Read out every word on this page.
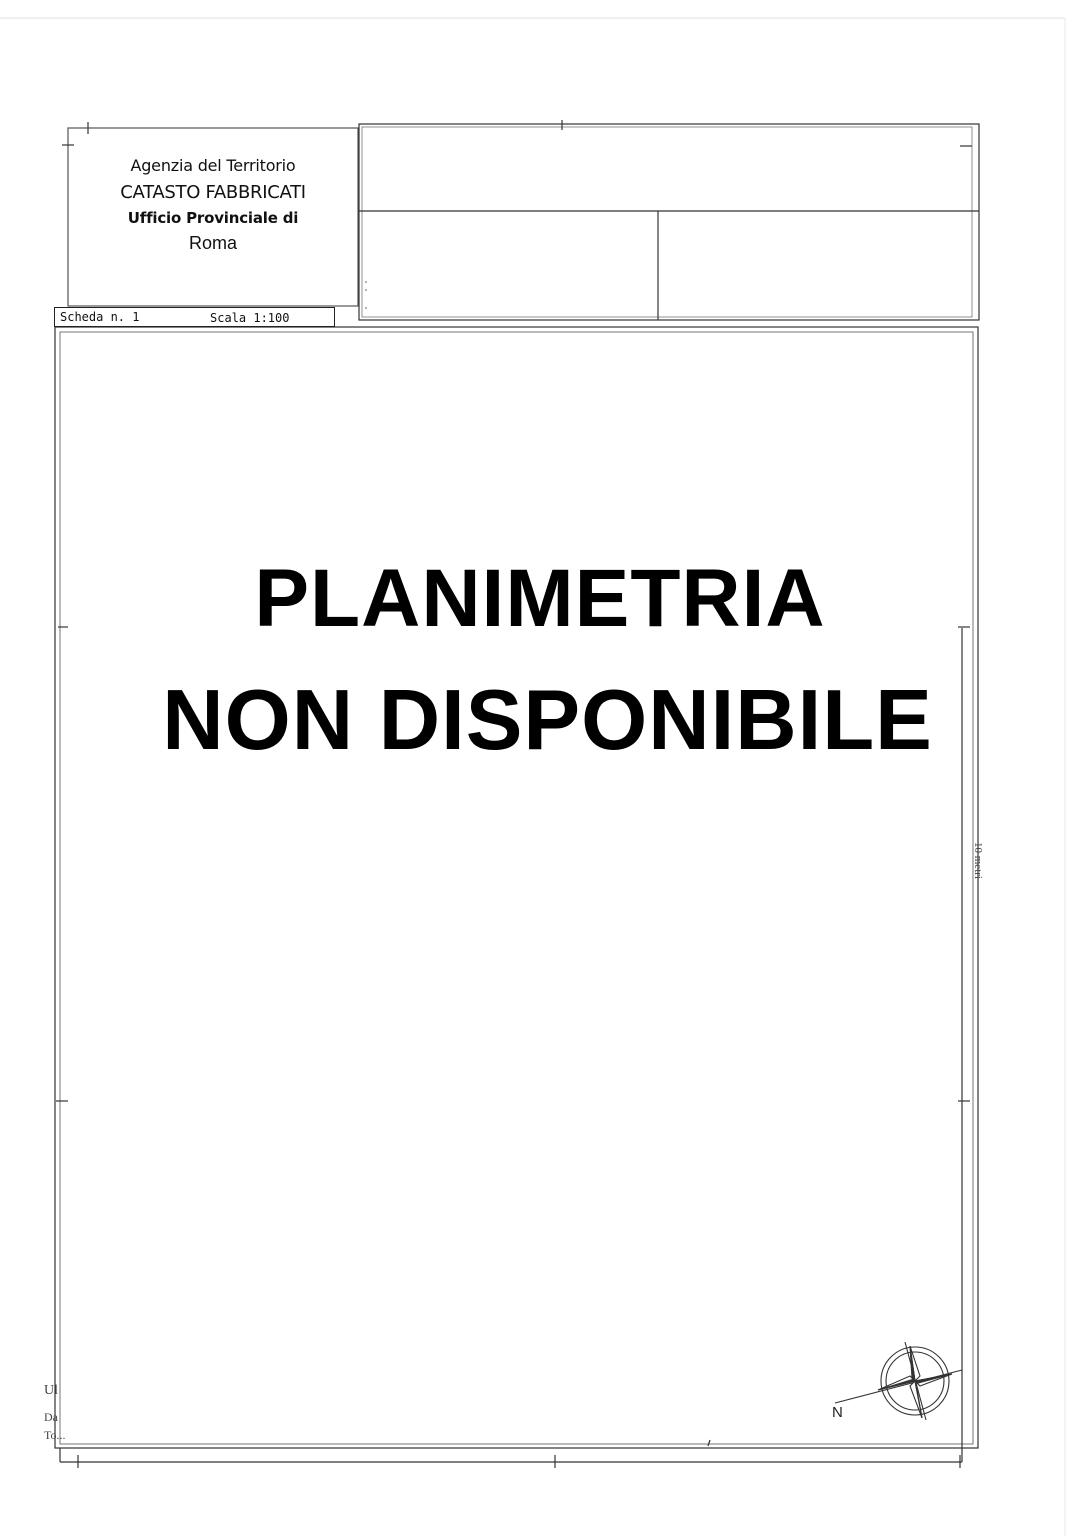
Agenzia del Territorio
CATASTO FABBRICATI
Ufficio Provinciale di
Roma
Scheda n. 1	Scala 1:100
PLANIMETRIA
NON DISPONIBILE
10 metri
Ul
Da
To...
N
